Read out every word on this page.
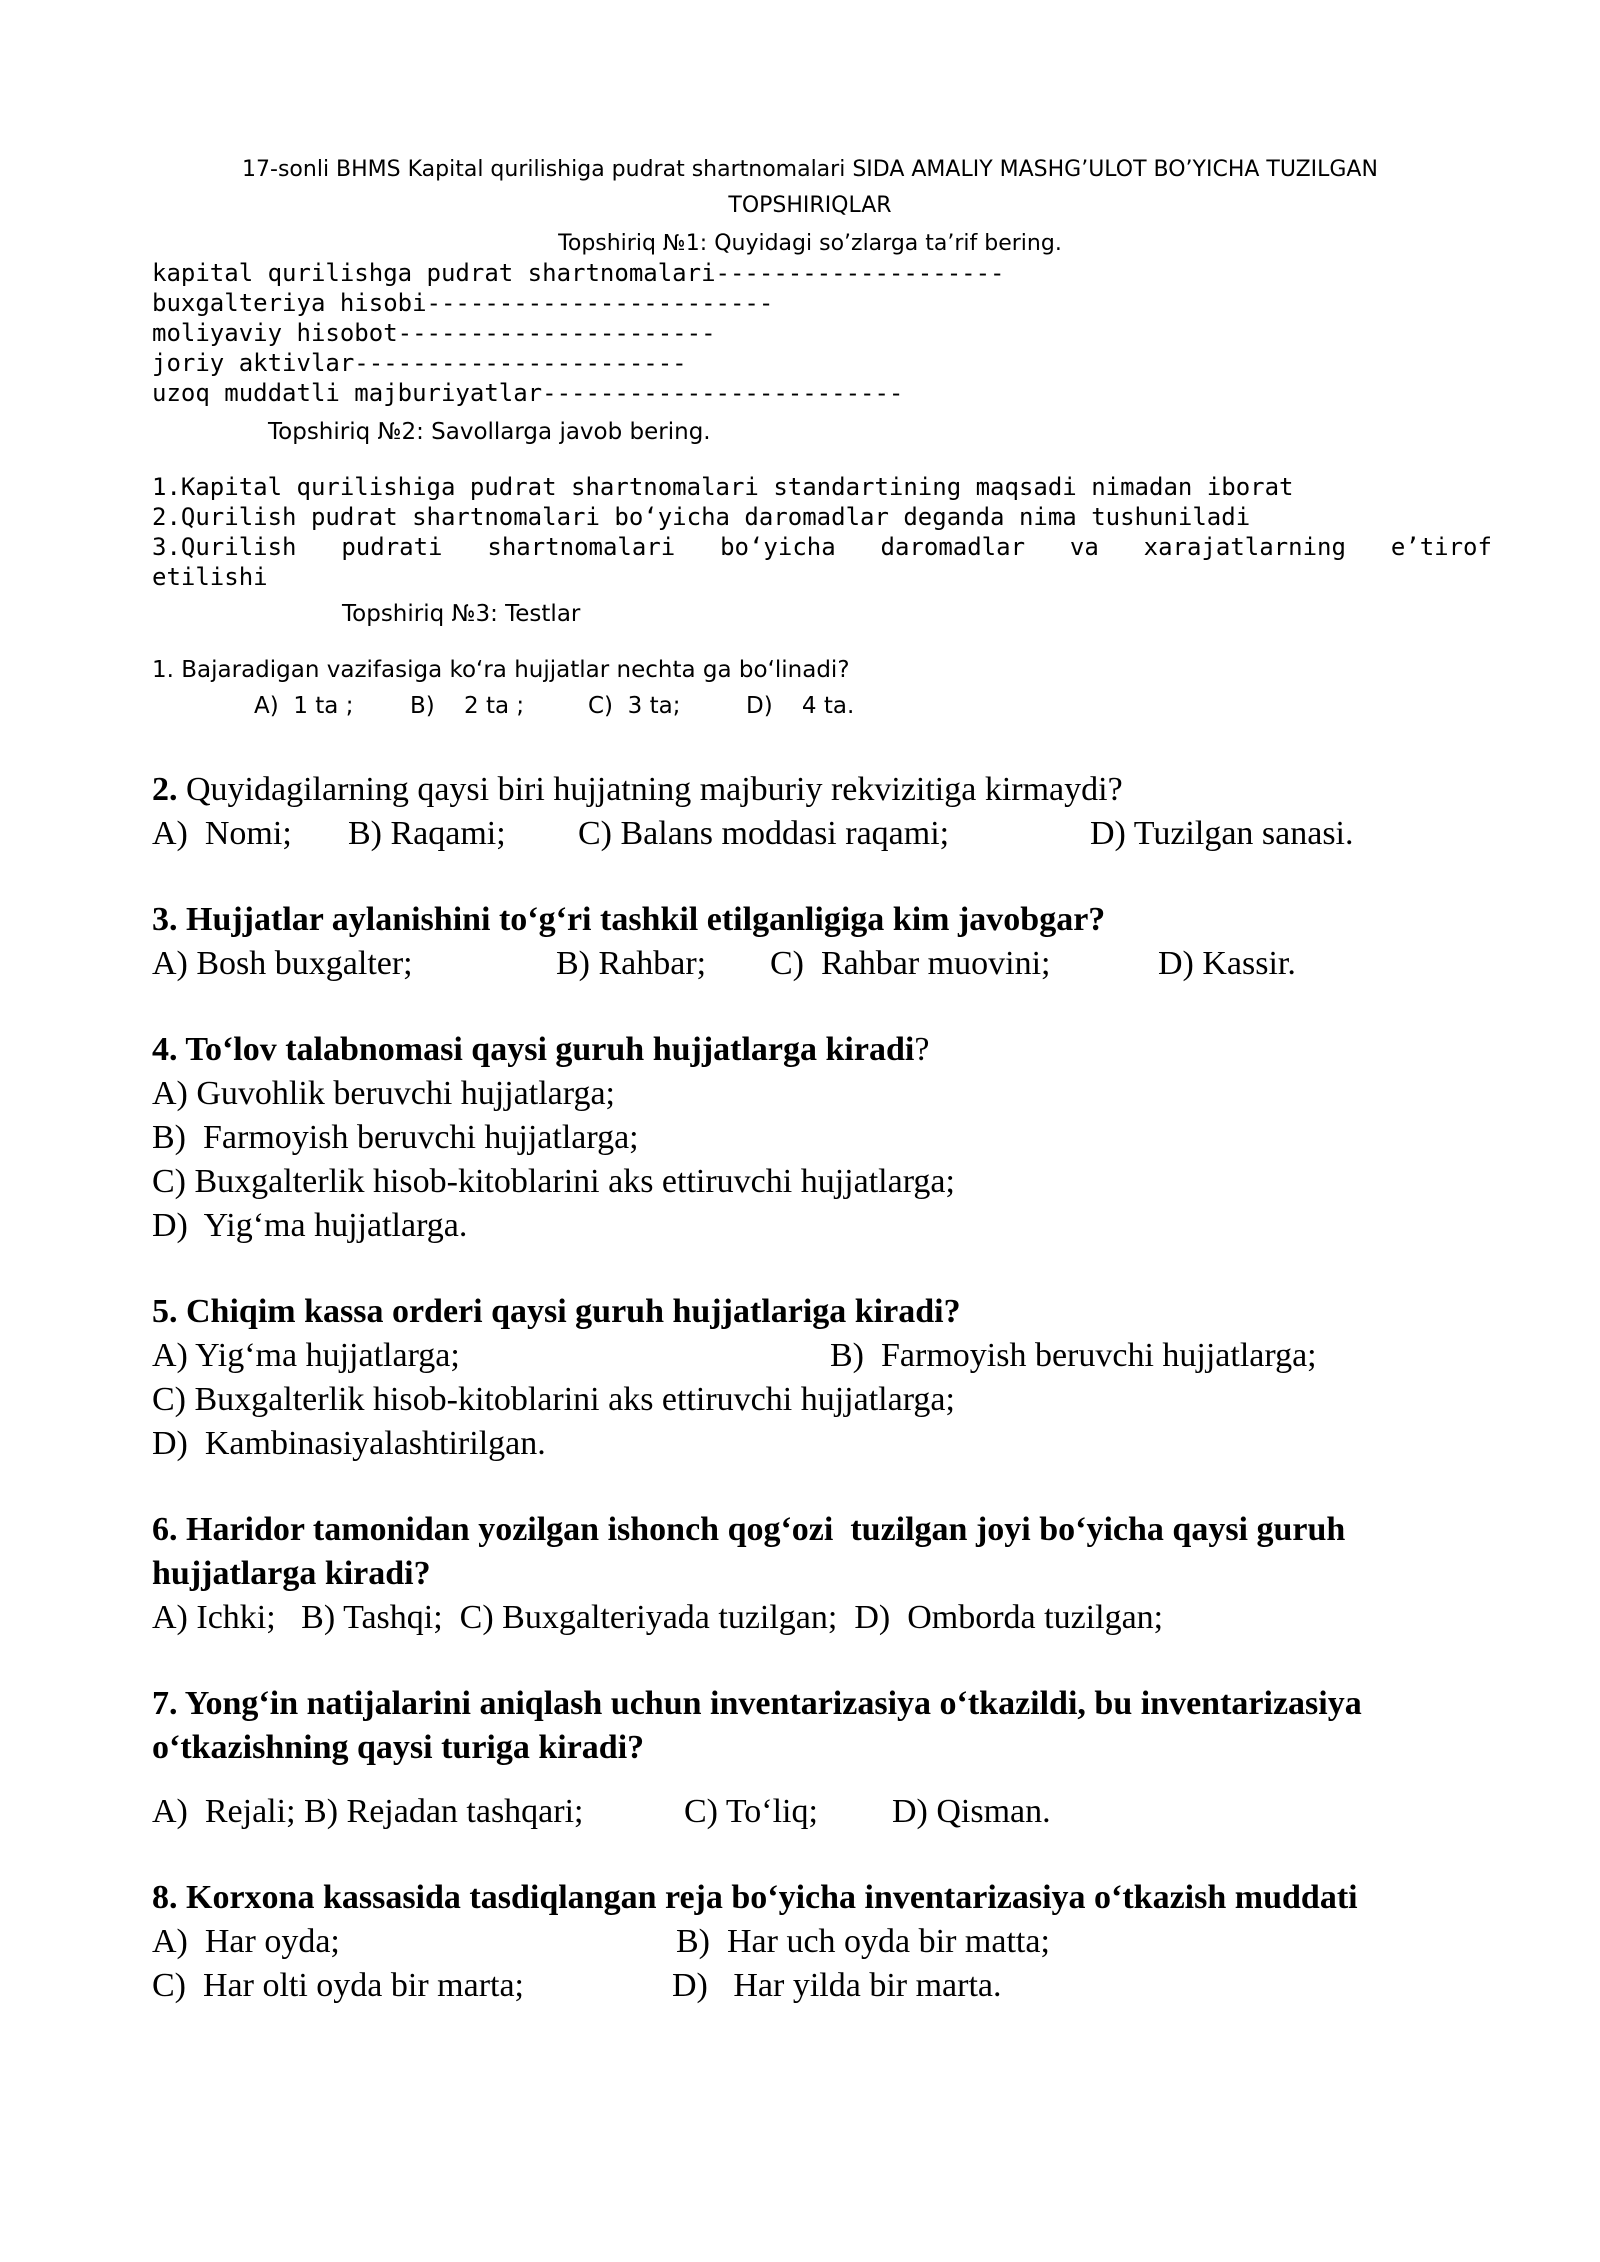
17-sonli BHMS Kapital qurilishiga pudrat shartnomalari SIDA AMALIY MASHG’ULOT BO’YICHA TUZILGAN
TOPSHIRIQLAR
Topshiriq №1: Quyidagi so’zlarga ta’rif bering.
kapital qurilishga pudrat shartnomalari--------------------
buxgalteriya hisobi------------------------
moliyaviy hisobot----------------------
joriy aktivlar-----------------------
uzoq muddatli majburiyatlar-------------------------
Topshiriq №2: Savollarga javob bering.
1.Kapital qurilishiga pudrat shartnomalari standartining maqsadi nimadan iborat
2.Qurilish pudrat shartnomalari bo‘yicha daromadlar deganda nima tushuniladi
3.Qurilish pudrati shartnomalari bo‘yicha daromadlar va xarajatlarning e’tirof
etilishi
Topshiriq №3: Testlar
1. Bajaradigan vazifasiga ko‘ra hujjatlar nechta ga bo‘linadi?
A)  1 ta ; B)    2 ta ;	C)  3 ta;	D)    4 ta.
2. Quyidagilarning qaysi biri hujjatning majburiy rekvizitiga kirmaydi?
A)  Nomi; B) Raqami; C) Balans moddasi raqami;	D) Tuzilgan sanasi.
3. Hujjatlar aylanishini to‘g‘ri tashkil etilganligiga kim javobgar?
A) Bosh buxgalter;	B) Rahbar; C)  Rahbar muovini;	D) Kassir.
4. To‘lov talabnomasi qaysi guruh hujjatlarga kiradi?
A) Guvohlik beruvchi hujjatlarga;
B)  Farmoyish beruvchi hujjatlarga;
C) Buxgalterlik hisob-kitoblarini aks ettiruvchi hujjatlarga;
D)  Yig‘ma hujjatlarga.
5. Chiqim kassa orderi qaysi guruh hujjatlariga kiradi?
A) Yig‘ma hujjatlarga;	B)  Farmoyish beruvchi hujjatlarga;
C) Buxgalterlik hisob-kitoblarini aks ettiruvchi hujjatlarga;
D)  Kambinasiyalashtirilgan.
6. Haridor tamonidan yozilgan ishonch qog‘ozi  tuzilgan joyi bo‘yicha qaysi guruh
hujjatlarga kiradi?
A) Ichki;   B) Tashqi;  C) Buxgalteriyada tuzilgan;  D)  Omborda tuzilgan;
7. Yong‘in natijalarini aniqlash uchun inventarizasiya o‘tkazildi, bu inventarizasiya
o‘tkazishning qaysi turiga kiradi?
A)  Rejali; B) Rejadan tashqari;	C) To‘liq; D) Qisman.
8. Korxona kassasida tasdiqlangan reja bo‘yicha inventarizasiya o‘tkazish muddati
A)  Har oyda;	B)  Har uch oyda bir matta;
C)  Har olti oyda bir marta;	D)   Har yilda bir marta.
